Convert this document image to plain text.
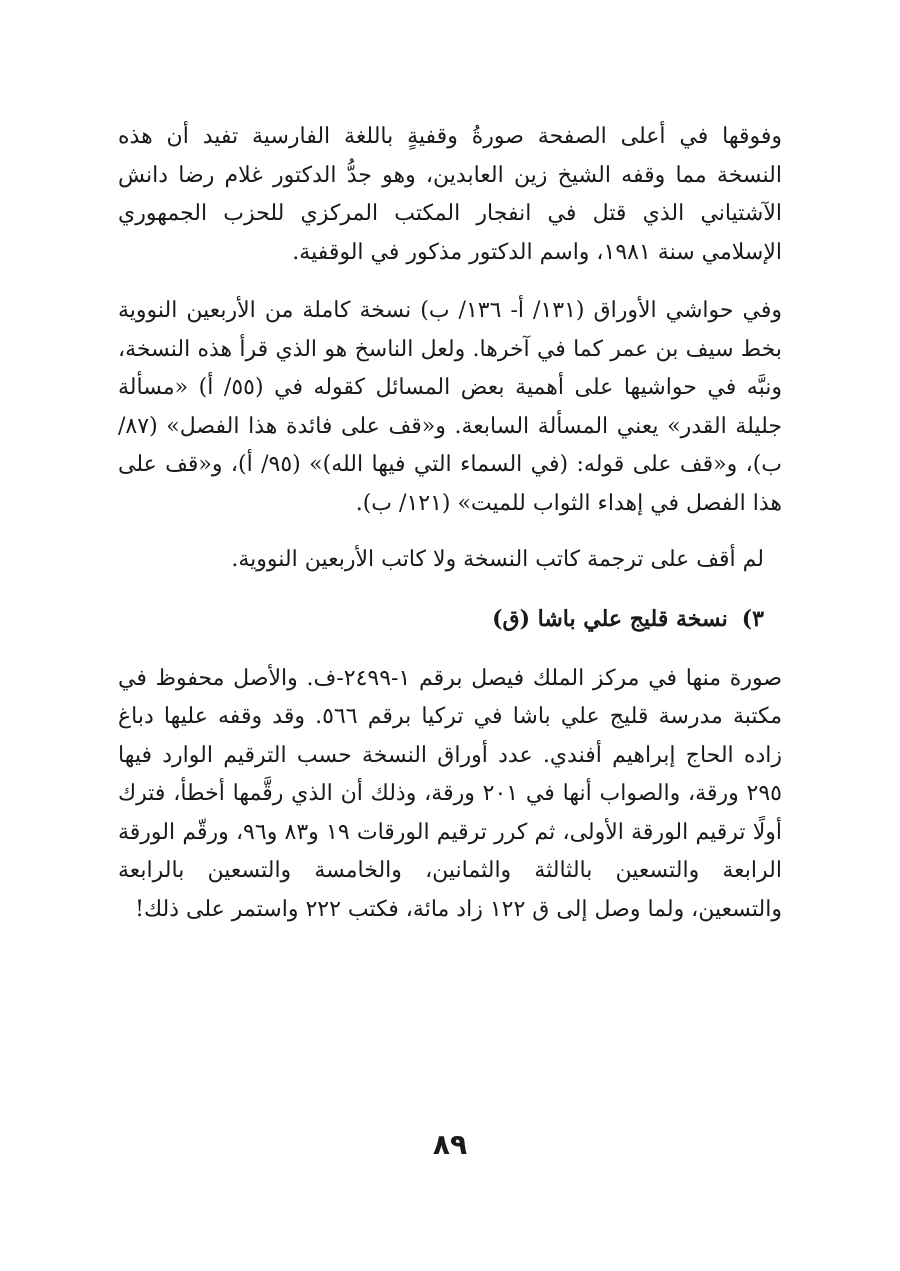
وفوقها في أعلى الصفحة صورةُ وقفيةٍ باللغة الفارسية تفيد أن هذه النسخة مما وقفه الشيخ زين العابدين، وهو جدُّ الدكتور غلام رضا دانش الآشتياني الذي قتل في انفجار المكتب المركزي للحزب الجمهوري الإسلامي سنة ١٩٨١، واسم الدكتور مذكور في الوقفية.

وفي حواشي الأوراق (١٣١/ أ- ١٣٦/ ب) نسخة كاملة من الأربعين النووية بخط سيف بن عمر كما في آخرها. ولعل الناسخ هو الذي قرأ هذه النسخة، ونبَّه في حواشيها على أهمية بعض المسائل كقوله في (٥٥/ أ) «مسألة جليلة القدر» يعني المسألة السابعة. و«قف على فائدة هذا الفصل» (٨٧/ ب)، و«قف على قوله: (في السماء التي فيها الله)» (٩٥/ أ)، و«قف على هذا الفصل في إهداء الثواب للميت» (١٢١/ ب).

لم أقف على ترجمة كاتب النسخة ولا كاتب الأربعين النووية.

٣)نسخة قليج علي باشا (ق)

صورة منها في مركز الملك فيصل برقم ١-٢٤٩٩-ف. والأصل محفوظ في مكتبة مدرسة قليج علي باشا في تركيا برقم ٥٦٦. وقد وقفه عليها دباغ زاده الحاج إبراهيم أفندي. عدد أوراق النسخة حسب الترقيم الوارد فيها ٢٩٥ ورقة، والصواب أنها في ٢٠١ ورقة، وذلك أن الذي رقَّمها أخطأ، فترك أولًا ترقيم الورقة الأولى، ثم كرر ترقيم الورقات ١٩ و٨٣ و٩٦، ورقّم الورقة الرابعة والتسعين بالثالثة والثمانين، والخامسة والتسعين بالرابعة والتسعين، ولما وصل إلى ق ١٢٢ زاد مائة، فكتب ٢٢٢ واستمر على ذلك!

٨٩
